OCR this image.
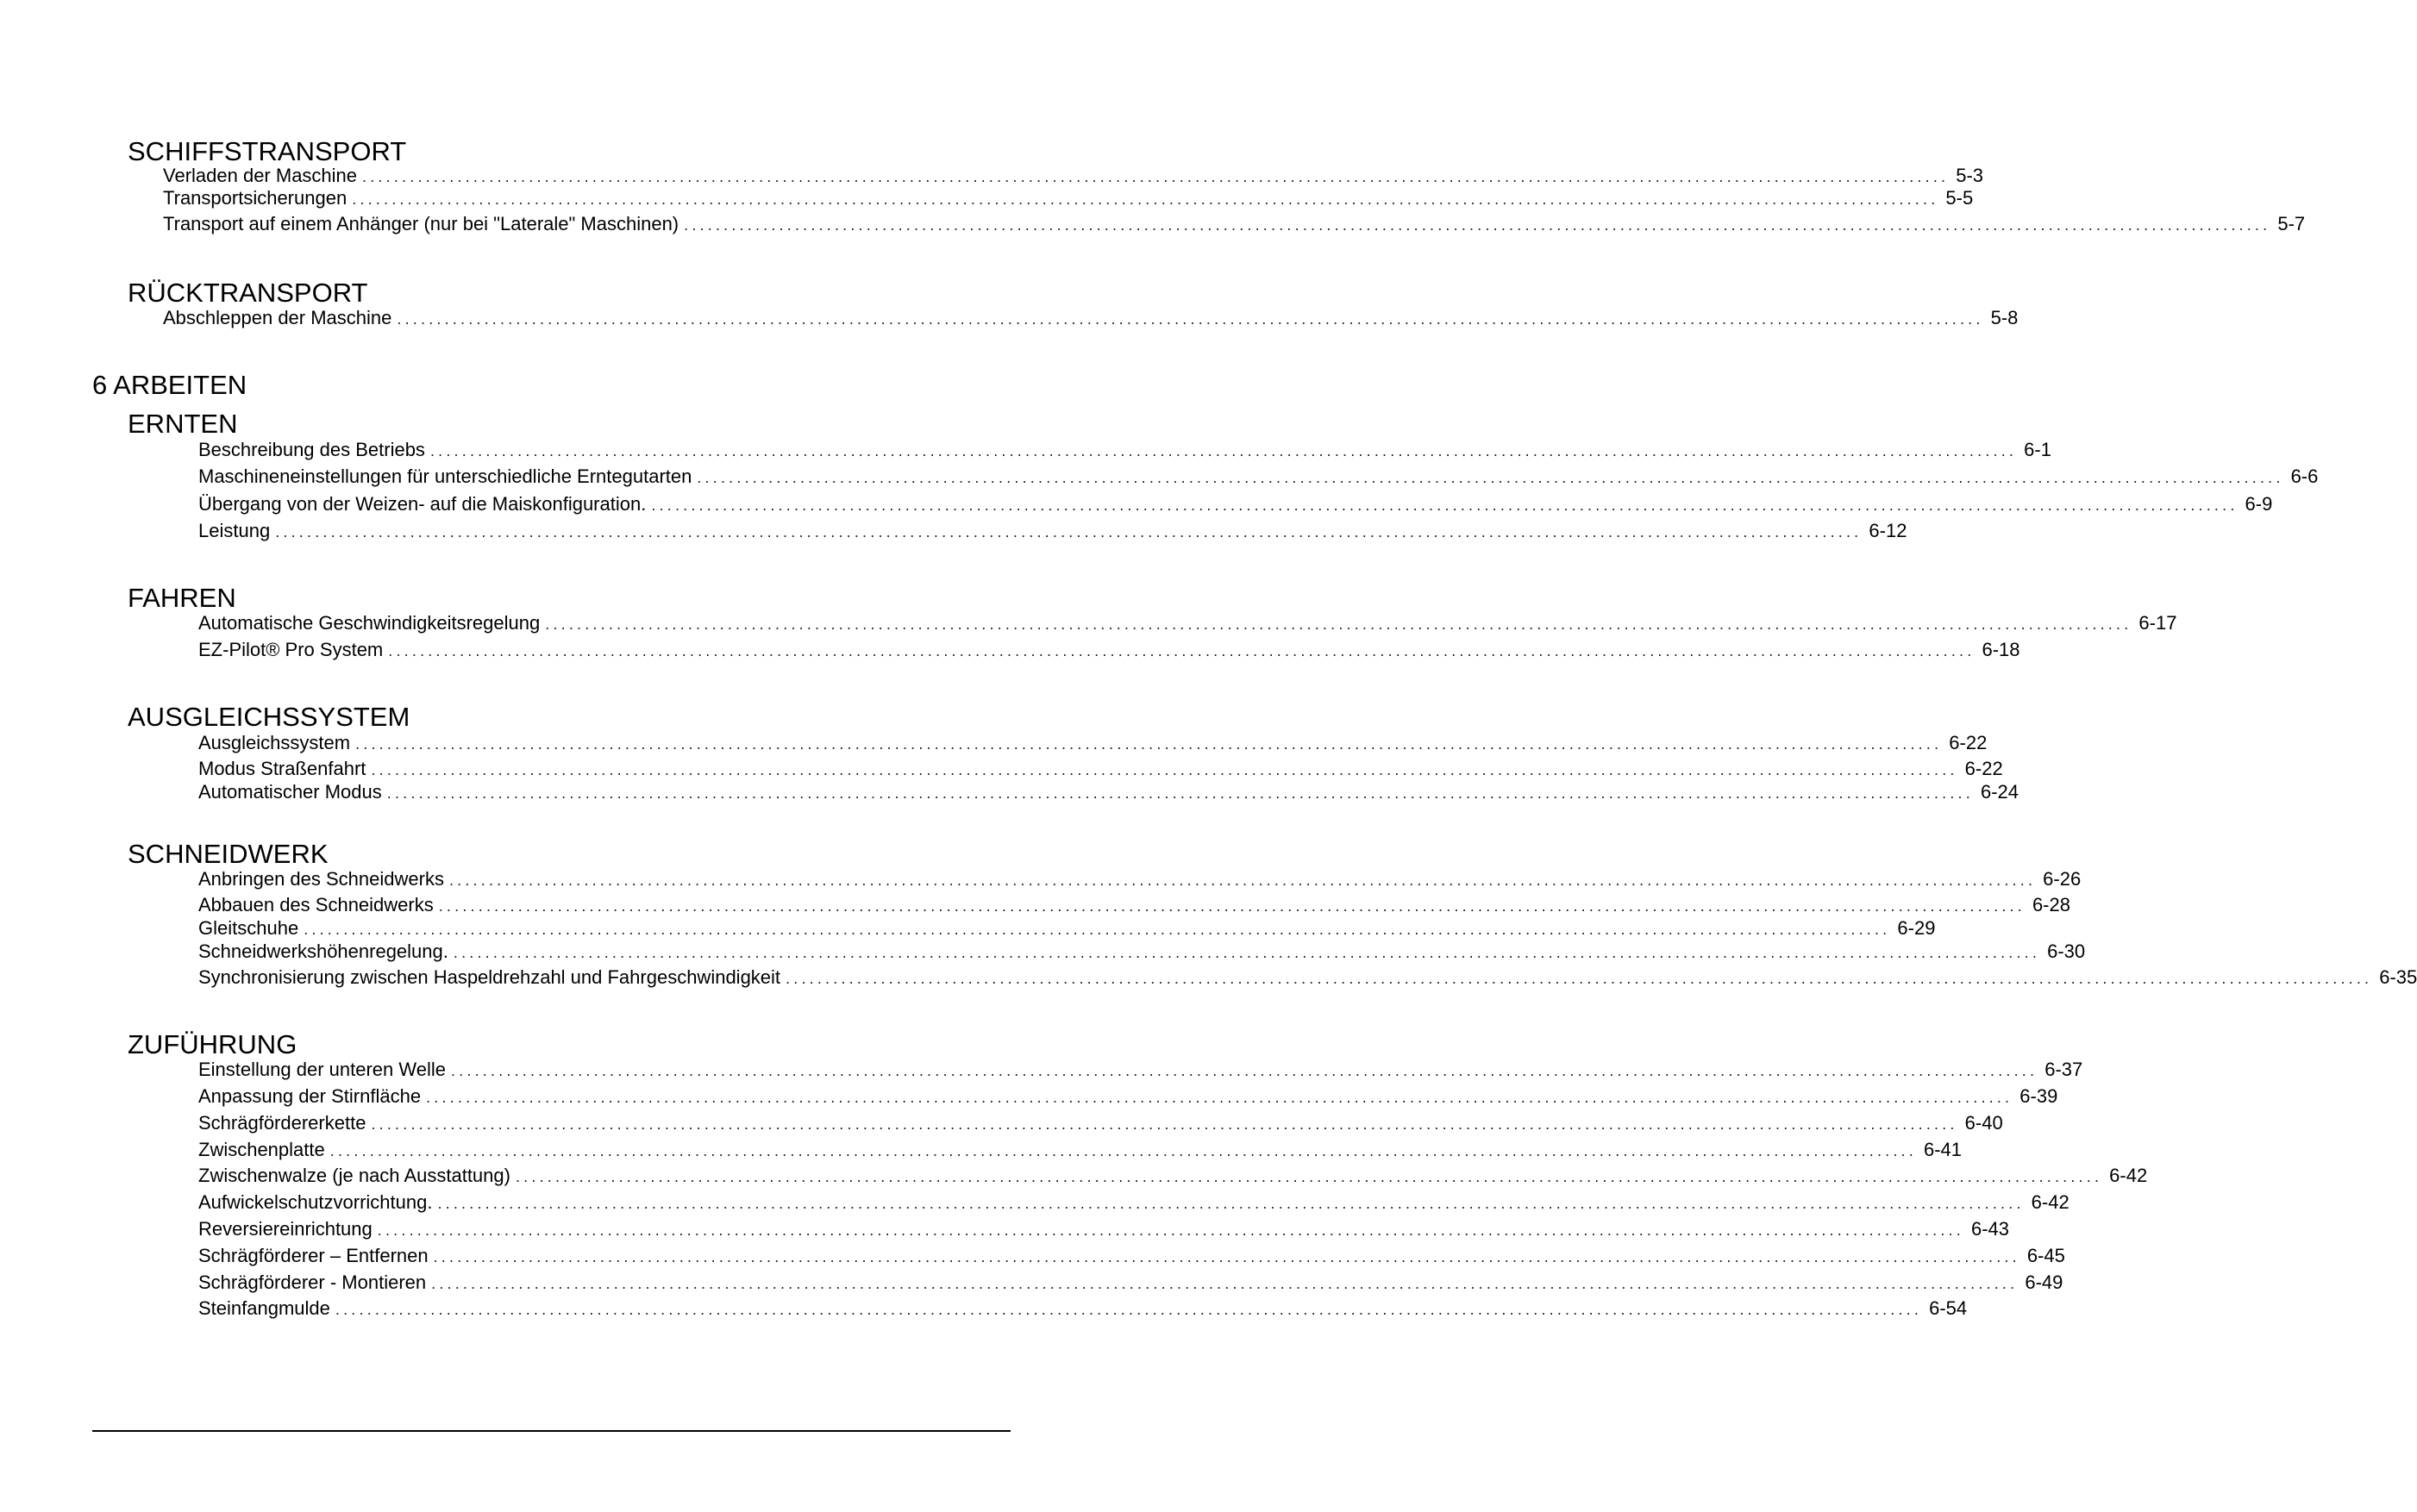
SCHIFFSTRANSPORT
Verladen der Maschine ........................................................................................................................................................................................................ 5-3
Transportsicherungen ........................................................................................................................................................................................................ 5-5
Transport auf einem Anhänger (nur bei "Laterale" Maschinen) ........................................................................................................................................................................................................ 5-7
RÜCKTRANSPORT
Abschleppen der Maschine ........................................................................................................................................................................................................ 5-8
6 ARBEITEN
ERNTEN
Beschreibung des Betriebs ........................................................................................................................................................................................................ 6-1
Maschineneinstellungen für unterschiedliche Erntegutarten ........................................................................................................................................................................................................ 6-6
Übergang von der Weizen- auf die Maiskonfiguration. ........................................................................................................................................................................................................ 6-9
Leistung ........................................................................................................................................................................................................ 6-12
FAHREN
Automatische Geschwindigkeitsregelung ........................................................................................................................................................................................................ 6-17
EZ-Pilot® Pro System ........................................................................................................................................................................................................ 6-18
AUSGLEICHSSYSTEM
Ausgleichssystem ........................................................................................................................................................................................................ 6-22
Modus Straßenfahrt ........................................................................................................................................................................................................ 6-22
Automatischer Modus ........................................................................................................................................................................................................ 6-24
SCHNEIDWERK
Anbringen des Schneidwerks ........................................................................................................................................................................................................ 6-26
Abbauen des Schneidwerks ........................................................................................................................................................................................................ 6-28
Gleitschuhe ........................................................................................................................................................................................................ 6-29
Schneidwerkshöhenregelung. ........................................................................................................................................................................................................ 6-30
Synchronisierung zwischen Haspeldrehzahl und Fahrgeschwindigkeit ........................................................................................................................................................................................................ 6-35
ZUFÜHRUNG
Einstellung der unteren Welle ........................................................................................................................................................................................................ 6-37
Anpassung der Stirnfläche ........................................................................................................................................................................................................ 6-39
Schrägfördererkette ........................................................................................................................................................................................................ 6-40
Zwischenplatte ........................................................................................................................................................................................................ 6-41
Zwischenwalze (je nach Ausstattung) ........................................................................................................................................................................................................ 6-42
Aufwickelschutzvorrichtung. ........................................................................................................................................................................................................ 6-42
Reversiereinrichtung ........................................................................................................................................................................................................ 6-43
Schrägförderer – Entfernen ........................................................................................................................................................................................................ 6-45
Schrägförderer - Montieren ........................................................................................................................................................................................................ 6-49
Steinfangmulde ........................................................................................................................................................................................................ 6-54
